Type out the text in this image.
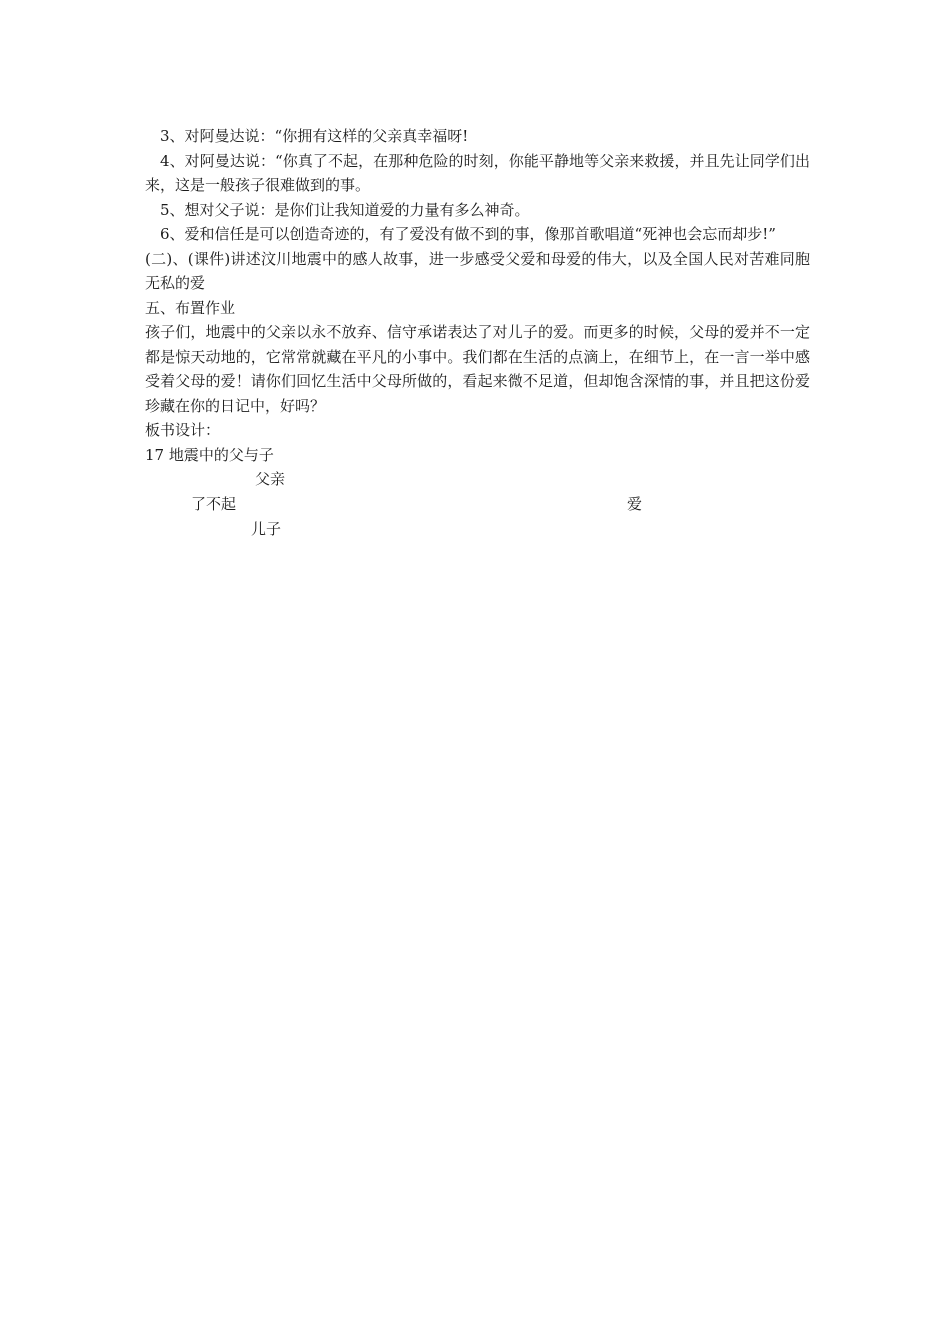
3、对阿曼达说：“你拥有这样的父亲真幸福呀!

4、对阿曼达说：“你真了不起，在那种危险的时刻，你能平静地等父亲来救援，并且先让同学们出来，这是一般孩子很难做到的事。

5、想对父子说：是你们让我知道爱的力量有多么神奇。

6、爱和信任是可以创造奇迹的，有了爱没有做不到的事，像那首歌唱道“死神也会忘而却步!”

(二)、(课件)讲述汶川地震中的感人故事，进一步感受父爱和母爱的伟大，以及全国人民对苦难同胞无私的爱

五、布置作业

孩子们，地震中的父亲以永不放弃、信守承诺表达了对儿子的爱。而更多的时候，父母的爱并不一定都是惊天动地的，它常常就藏在平凡的小事中。我们都在生活的点滴上，在细节上，在一言一举中感受着父母的爱！请你们回忆生活中父母所做的，看起来微不足道，但却饱含深情的事，并且把这份爱珍藏在你的日记中，好吗？

板书设计：

17 地震中的父与子

父亲
了不起	爱
儿子
